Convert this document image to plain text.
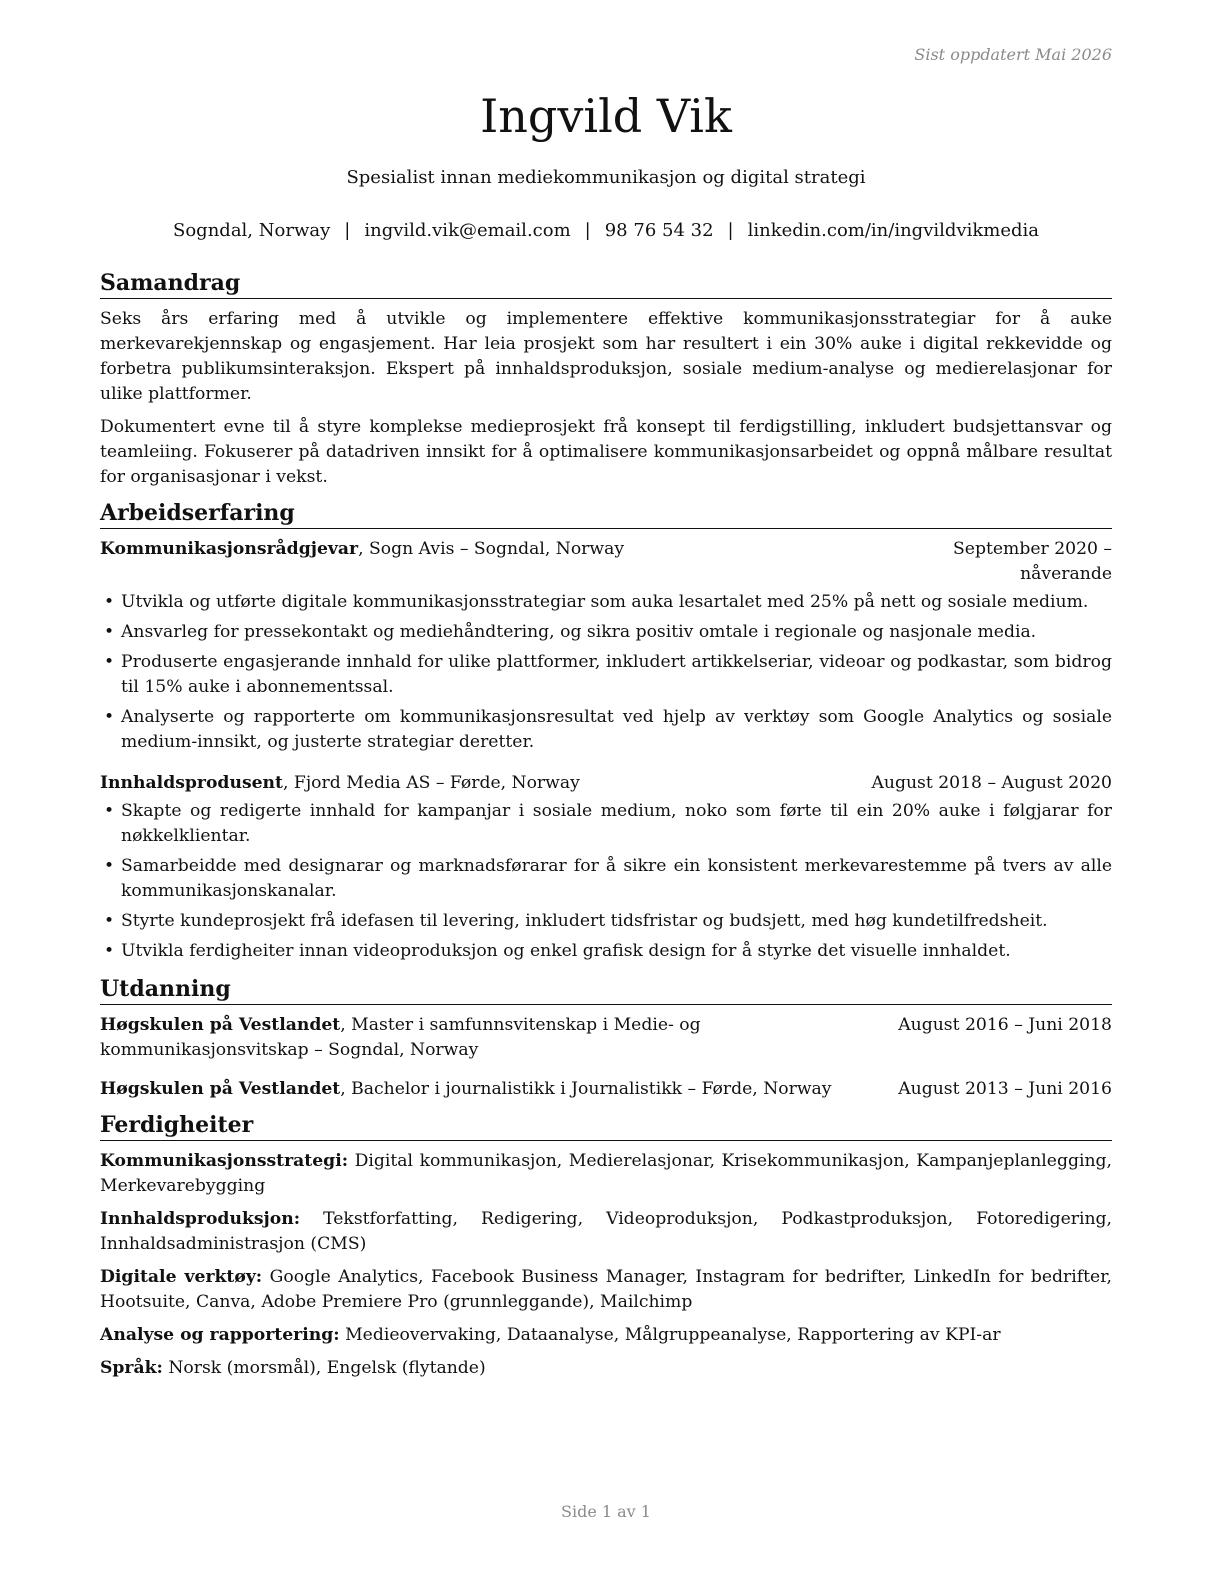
Sist oppdatert Mai 2026
Ingvild Vik
Spesialist innan mediekommunikasjon og digital strategi
Sogndal, Norway | ingvild.vik@email.com | 98 76 54 32 | linkedin.com/in/ingvildvikmedia
Samandrag

Seks års erfaring med å utvikle og implementere effektive kommunikasjonsstrategiar for å auke merkevarekjennskap og engasjement. Har leia prosjekt som har resultert i ein 30% auke i digital rekkevidde og forbetra publikumsinteraksjon. Ekspert på innhaldsproduksjon, sosiale medium-analyse og medierelasjonar for ulike plattformer.

Dokumentert evne til å styre komplekse medieprosjekt frå konsept til ferdigstilling, inkludert budsjettansvar og teamleiing. Fokuserer på datadriven innsikt for å optimalisere kommunikasjonsarbeidet og oppnå målbare resultat for organisasjonar i vekst.

Arbeidserfaring
Kommunikasjonsrådgjevar, Sogn Avis – Sogndal, Norway	September 2020 – nåverande
• Utvikla og utførte digitale kommunikasjonsstrategiar som auka lesartalet med 25% på nett og sosiale medium.
• Ansvarleg for pressekontakt og mediehåndtering, og sikra positiv omtale i regionale og nasjonale media.
• Produserte engasjerande innhald for ulike plattformer, inkludert artikkelseriar, videoar og podkastar, som bidrog til 15% auke i abonnementssal.
• Analyserte og rapporterte om kommunikasjonsresultat ved hjelp av verktøy som Google Analytics og sosiale medium-innsikt, og justerte strategiar deretter.
Innhaldsprodusent, Fjord Media AS – Førde, Norway	August 2018 – August 2020
• Skapte og redigerte innhald for kampanjar i sosiale medium, noko som førte til ein 20% auke i følgjarar for nøkkelklientar.
• Samarbeidde med designarar og marknadsførarar for å sikre ein konsistent merkevarestemme på tvers av alle kommunikasjonskanalar.
• Styrte kundeprosjekt frå idefasen til levering, inkludert tidsfristar og budsjett, med høg kundetilfredsheit.
• Utvikla ferdigheiter innan videoproduksjon og enkel grafisk design for å styrke det visuelle innhaldet.
Utdanning
Høgskulen på Vestlandet, Master i samfunnsvitenskap i Medie- og kommunikasjonsvitskap – Sogndal, Norway
August 2016 – Juni 2018
Høgskulen på Vestlandet, Bachelor i journalistikk i Journalistikk – Førde, Norway	August 2013 – Juni 2016
Ferdigheiter
Kommunikasjonsstrategi: Digital kommunikasjon, Medierelasjonar, Krisekommunikasjon, Kampanjeplanlegging, Merkevarebygging
Innhaldsproduksjon: Tekstforfatting, Redigering, Videoproduksjon, Podkastproduksjon, Fotoredigering, Innhaldsadministrasjon (CMS)
Digitale verktøy: Google Analytics, Facebook Business Manager, Instagram for bedrifter, LinkedIn for bedrifter, Hootsuite, Canva, Adobe Premiere Pro (grunnleggande), Mailchimp
Analyse og rapportering: Medieovervaking, Dataanalyse, Målgruppeanalyse, Rapportering av KPI-ar
Språk: Norsk (morsmål), Engelsk (flytande)
Side 1 av 1
